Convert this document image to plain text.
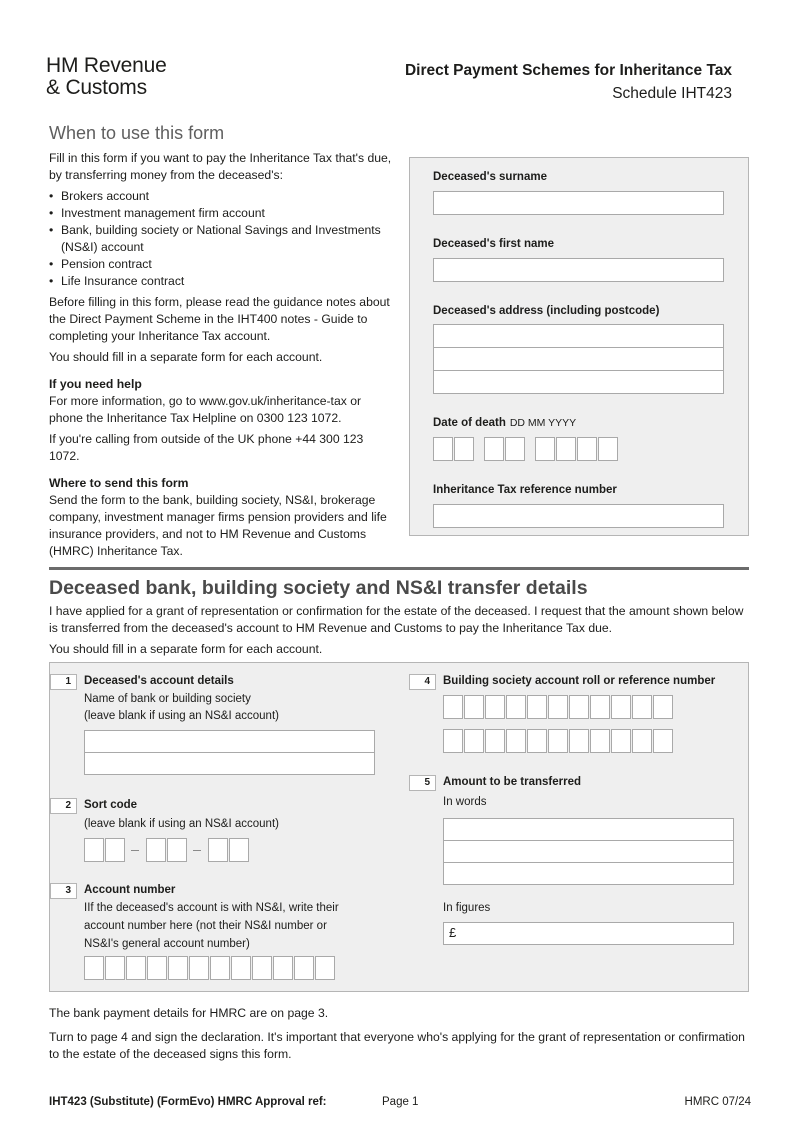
HM Revenue
& Customs
Direct Payment Schemes for Inheritance Tax
Schedule IHT423
When to use this form

Fill in this form if you want to pay the Inheritance Tax that's due, by transferring money from the deceased's:

• Brokers account
• Investment management firm account
• Bank, building society or National Savings and Investments (NS&I) account
• Pension contract
• Life Insurance contract

Before filling in this form, please read the guidance notes about the Direct Payment Scheme in the IHT400 notes - Guide to completing your Inheritance Tax account.

You should fill in a separate form for each account.

If you need help

For more information, go to www.gov.uk/inheritance-tax or phone the Inheritance Tax Helpline on 0300 123 1072.

If you're calling from outside of the UK phone +44 300 123 1072.

Where to send this form

Send the form to the bank, building society, NS&I, brokerage company, investment manager firms pension providers and life insurance providers, and not to HM Revenue and Customs (HMRC) Inheritance Tax.

Deceased's surname
Deceased's first name
Deceased's address (including postcode)
Date of death DD MM YYYY
Inheritance Tax reference number
Deceased bank, building society and NS&I transfer details

I have applied for a grant of representation or confirmation for the estate of the deceased. I request that the amount shown below is transferred from the deceased's account to HM Revenue and Customs to pay the Inheritance Tax due.

You should fill in a separate form for each account.

1	Deceased's account details
Name of bank or building society
(leave blank if using an NS&I account)
2	Sort code
(leave blank if using an NS&I account)
3	Account number
IIf the deceased's account is with NS&I, write their account number here (not their NS&I number or NS&I's general account number)
4	Building society account roll or reference number
5	Amount to be transferred
In words
In figures
£

The bank payment details for HMRC are on page 3.

Turn to page 4 and sign the declaration. It's important that everyone who's applying for the grant of representation or confirmation to the estate of the deceased signs this form.

IHT423 (Substitute) (FormEvo) HMRC Approval ref:	Page 1	HMRC 07/24
